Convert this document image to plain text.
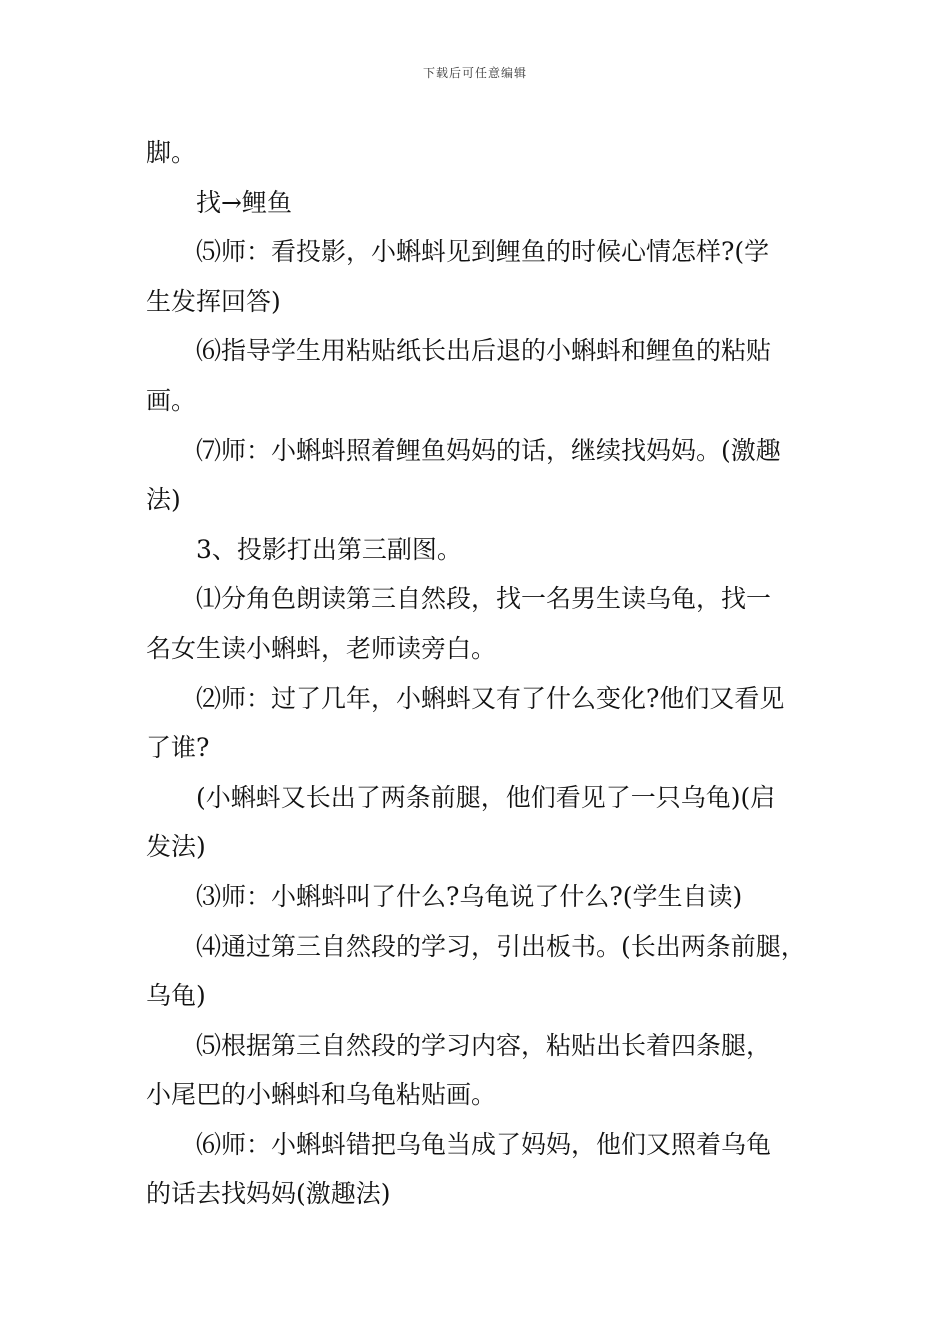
下载后可任意编辑
脚。
找→鲤鱼
⑸师：看投影，小蝌蚪见到鲤鱼的时候心情怎样?(学
生发挥回答)
⑹指导学生用粘贴纸长出后退的小蝌蚪和鲤鱼的粘贴
画。
⑺师：小蝌蚪照着鲤鱼妈妈的话，继续找妈妈。(激趣
法)
3、投影打出第三副图。
⑴分角色朗读第三自然段，找一名男生读乌龟，找一
名女生读小蝌蚪，老师读旁白。
⑵师：过了几年，小蝌蚪又有了什么变化?他们又看见
了谁?
(小蝌蚪又长出了两条前腿，他们看见了一只乌龟)(启
发法)
⑶师：小蝌蚪叫了什么?乌龟说了什么?(学生自读)
⑷通过第三自然段的学习，引出板书。(长出两条前腿，
乌龟)
⑸根据第三自然段的学习内容，粘贴出长着四条腿，
小尾巴的小蝌蚪和乌龟粘贴画。
⑹师：小蝌蚪错把乌龟当成了妈妈，他们又照着乌龟
的话去找妈妈(激趣法)
